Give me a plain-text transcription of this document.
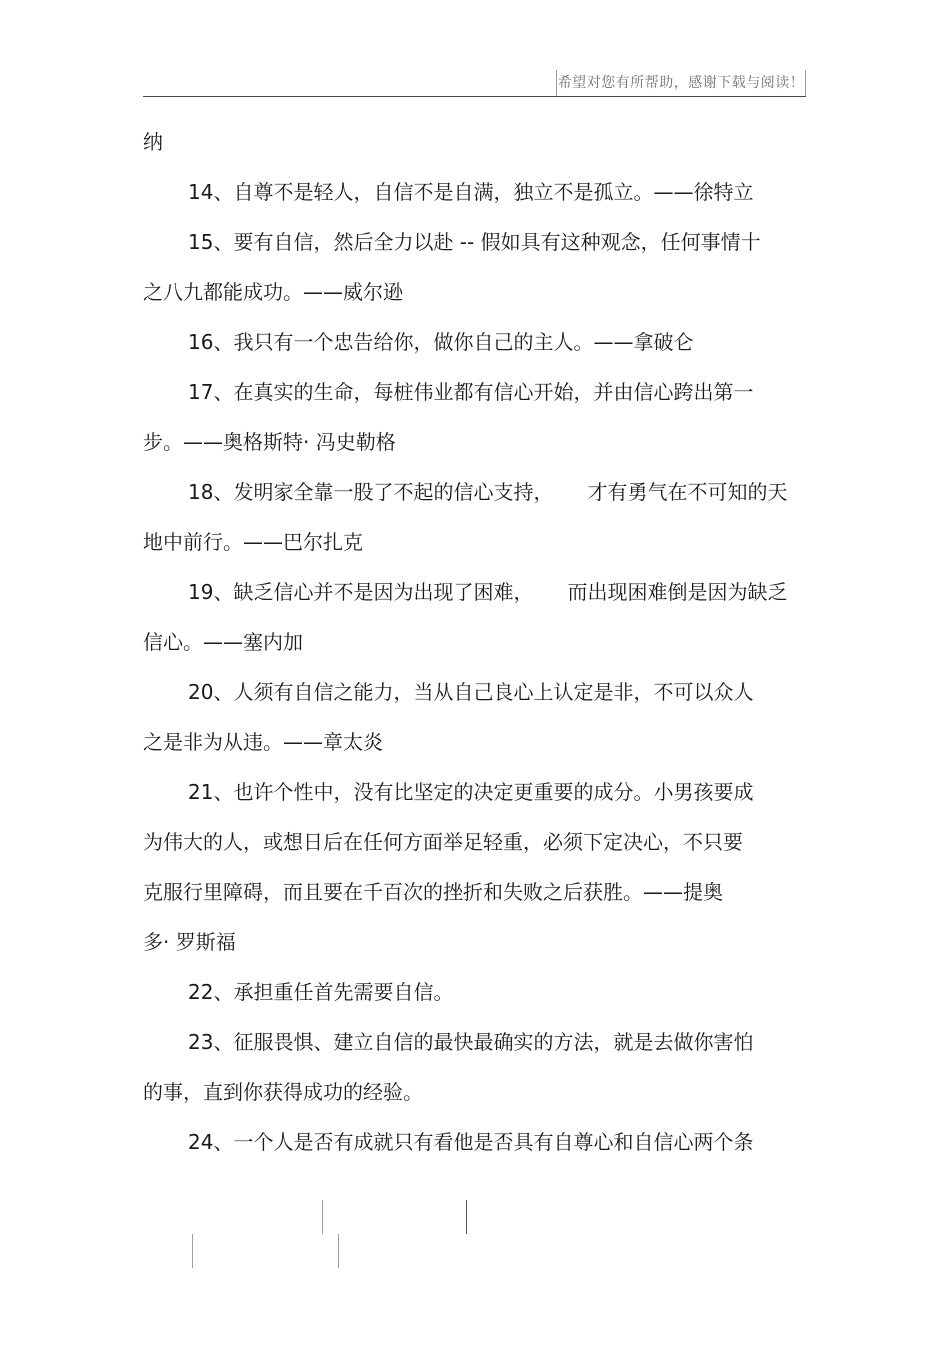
希望对您有所帮助，感谢下载与阅读！
纳
14、自尊不是轻人，自信不是自满，独立不是孤立。——徐特立
15、要有自信，然后全力以赴 -- 假如具有这种观念，任何事情十
之八九都能成功。——威尔逊
16、我只有一个忠告给你，做你自己的主人。——拿破仑
17、在真实的生命，每桩伟业都有信心开始，并由信心跨出第一
步。——奥格斯特· 冯史勒格
18、发明家全靠一股了不起的信心支持， 才有勇气在不可知的天
地中前行。——巴尔扎克
19、缺乏信心并不是因为出现了困难， 而出现困难倒是因为缺乏
信心。——塞内加
20、人须有自信之能力，当从自己良心上认定是非，不可以众人
之是非为从违。——章太炎
21、也许个性中，没有比坚定的决定更重要的成分。小男孩要成
为伟大的人，或想日后在任何方面举足轻重，必须下定决心，不只要
克服行里障碍，而且要在千百次的挫折和失败之后获胜。——提奥
多· 罗斯福
22、承担重任首先需要自信。
23、征服畏惧、建立自信的最快最确实的方法，就是去做你害怕
的事，直到你获得成功的经验。
24、一个人是否有成就只有看他是否具有自尊心和自信心两个条
